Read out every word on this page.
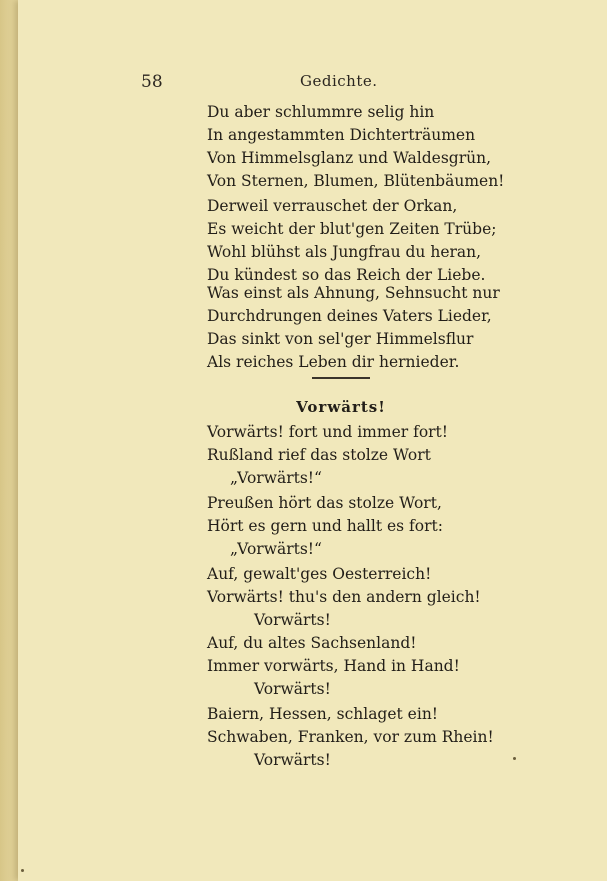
58	Gedichte.
Du aber schlummre selig hin
In angestammten Dichterträumen
Von Himmelsglanz und Waldesgrün,
Von Sternen, Blumen, Blütenbäumen!
Derweil verrauschet der Orkan,
Es weicht der blut'gen Zeiten Trübe;
Wohl blühst als Jungfrau du heran,
Du kündest so das Reich der Liebe.
Was einst als Ahnung, Sehnsucht nur
Durchdrungen deines Vaters Lieder,
Das sinkt von sel'ger Himmelsflur
Als reiches Leben dir hernieder.
Vorwärts!
Vorwärts! fort und immer fort!
Rußland rief das stolze Wort
„Vorwärts!“
Preußen hört das stolze Wort,
Hört es gern und hallt es fort:
„Vorwärts!“
Auf, gewalt'ges Oesterreich!
Vorwärts! thu's den andern gleich!
Vorwärts!
Auf, du altes Sachsenland!
Immer vorwärts, Hand in Hand!
Vorwärts!
Baiern, Hessen, schlaget ein!
Schwaben, Franken, vor zum Rhein!
Vorwärts!
